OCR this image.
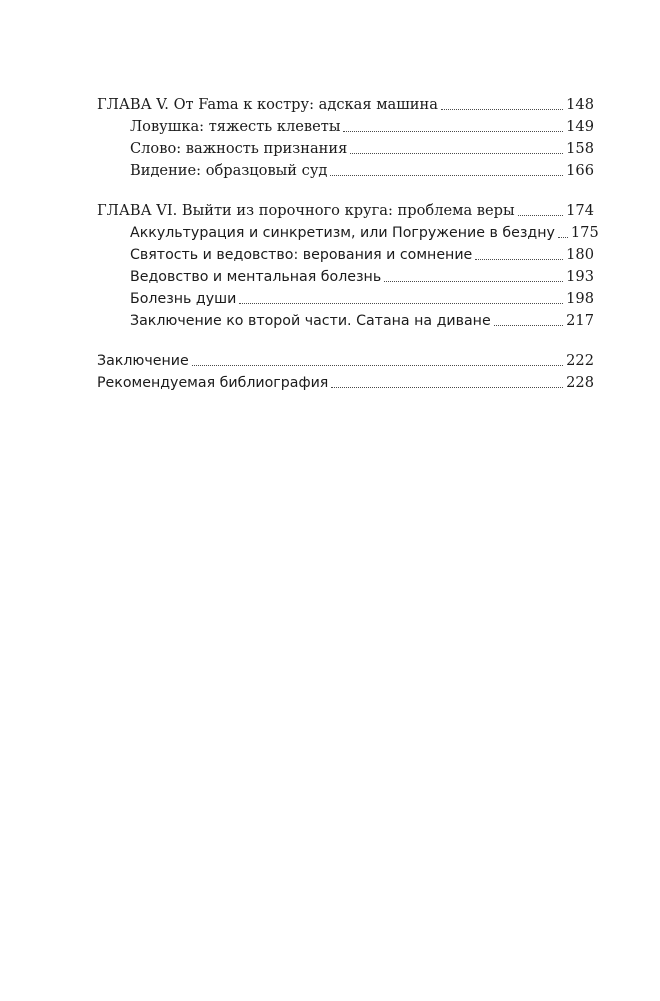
ГЛАВА V. От Fama к костру: адская машина	148
Ловушка: тяжесть клеветы	149
Слово: важность признания	158
Видение: образцовый суд	166
ГЛАВА VI. Выйти из порочного круга: проблема веры	174
Аккультурация и синкретизм, или Погружение в бездну 175
Святость и ведовство: верования и сомнение	180
Ведовство и ментальная болезнь	193
Болезнь души	198
Заключение ко второй части. Сатана на диване	217
Заключение	222
Рекомендуемая библиография	228
